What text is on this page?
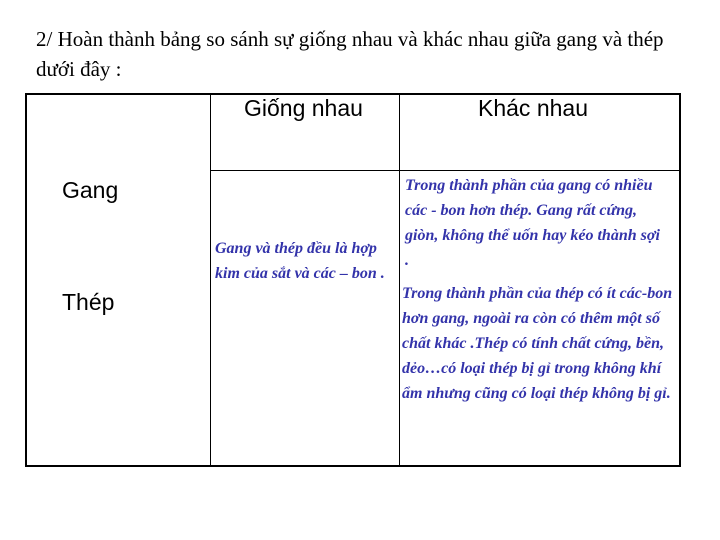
2/ Hoàn thành bảng so sánh sự giống nhau và khác nhau giữa gang và thép dưới đây :
Giống nhau	Khác nhau
Gang
Thép
Gang và thép đều là hợp kim của sắt và các – bon .
Trong thành phần của gang có nhiều các - bon hơn thép. Gang rất cứng, giòn, không thể uốn hay kéo thành sợi .
Trong thành phần của thép có ít các-bon hơn gang, ngoài ra còn có thêm một số chất khác .Thép có tính chất cứng, bền, dẻo…có loại thép bị gỉ trong không khí ẩm nhưng cũng có loại thép không bị gỉ.
